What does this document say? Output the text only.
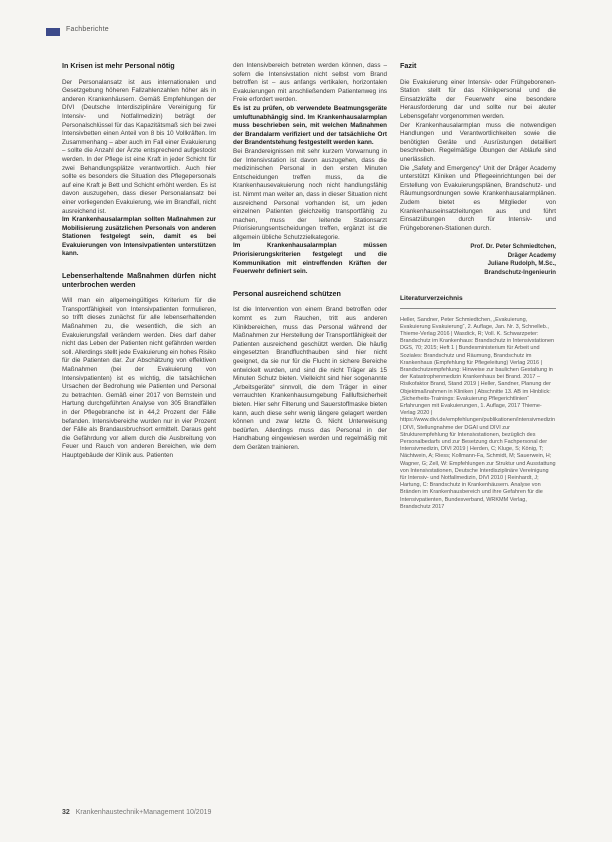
Fachberichte
In Krisen ist mehr Personal nötig
Der Personalansatz ist aus internationalen und Gesetzgebung höheren Fallzahlenzahlen höher als in anderen Krankenhäusern. Gemäß Empfehlungen der DIVI (Deutsche Interdisziplinäre Vereinigung für Intensiv- und Notfallmedizin) beträgt der Personalschlüssel für das Kapazitätsmaß sich bei zwei Intensivbetten einen Anteil von 8 bis 10 Vollkräften. Im Zusammenhang – aber auch im Fall einer Evakuierung – sollte die Anzahl der Ärzte entsprechend aufgestockt werden. In der Pflege ist eine Kraft in jeder Schicht für zwei Behandlungsplätze verantwortlich. Auch hier sollte es besonders die Situation des Pflegepersonals auf eine Kraft je Bett und Schicht erhöht werden. Es ist davon auszugehen, dass dieser Personalansatz bei einer vorliegenden Evakuierung, wie im Brandfall, nicht ausreichend ist.
Im Krankenhausalarmplan sollten Maßnahmen zur Mobilisierung zusätzlichen Personals von anderen Stationen festgelegt sein, damit es bei Evakuierungen von Intensivpatienten unterstützen kann.
Lebenserhaltende Maßnahmen dürfen nicht unterbrochen werden
Will man ein allgemeingültiges Kriterium für die Transportfähigkeit von Intensivpatienten formulieren, so trifft dieses zunächst für alle lebenserhaltenden Maßnahmen zu, die wesentlich, die sich an Evakuierungsfall verändern werden. Dies darf daher nicht das Leben der Patienten nicht gefährden werden soll. Allerdings stellt jede Evakuierung ein hohes Risiko für die Patienten dar. Zur Abschätzung von effektiven Maßnahmen (bei der Evakuierung von Intensivpatienten) ist es wichtig, die tatsächlichen Ursachen der Bedrohung wie Patienten und Personal zu betrachten. Gemäß einer 2017 von Bernstein und Hartung durchgeführten Analyse von 305 Brandfällen in der Pflegebranche ist in 44,2 Prozent der Fälle befanden. Intensivbereiche wurden nur in vier Prozent der Fälle als Brandausbruchsort ermittelt. Daraus geht die Gefährdung vor allem durch die Ausbreitung von Feuer und Rauch von anderen Bereichen, wie dem Hauptgebäude der Klinik aus. Patienten
den Intensivbereich betreten werden können, dass – sofern die Intensivstation nicht selbst vom Brand betroffen ist – aus anfangs vertikalen, horizontalen Evakuierungen mit anschließendem Patientenweg ins Freie erfordert werden.
Es ist zu prüfen, ob verwendete Beatmungsgeräte umluftunabhängig sind. Im Krankenhausalarmplan muss beschrieben sein, mit welchen Maßnahmen der Brandalarm verifiziert und der tatsächliche Ort der Brandentstehung festgestellt werden kann.
Bei Brandereignissen mit sehr kurzem Vorwarnung in der Intensivstation ist davon auszugehen, dass die medizinischen Personal in den ersten Minuten Entscheidungen treffen muss, da die Krankenhausevakuierung noch nicht handlungsfähig ist. Nimmt man weiter an, dass in dieser Situation nicht ausreichend Personal vorhanden ist, um jeden einzelnen Patienten gleichzeitig transportfähig zu machen, muss der leitende Stationsarzt Priorisierungsentscheidungen treffen, ergänzt ist die allgemein übliche Schutzzielkategorie.
Im Krankenhausalarmplan müssen Priorisierungskriterien festgelegt und die Kommunikation mit eintreffenden Kräften der Feuerwehr definiert sein.
Personal ausreichend schützen
Ist die Intervention von einem Brand betroffen oder kommt es zum Rauchen, tritt aus anderen Klinikbereichen, muss das Personal während der Maßnahmen zur Herstellung der Transportfähigkeit der Patienten ausreichend geschützt werden. Die häufig eingesetzten Brandfluchthauben sind hier nicht geeignet, da sie nur für die Flucht in sichere Bereiche entwickelt wurden, und sind die nicht Träger als 15 Minuten Schutz bieten. Vielleicht sind hier sogenannte „Arbeitsgeräte“ sinnvoll, die dem Träger in einer verrauchten Krankenhausumgebung Fallluftsicherheit bieten. Hier sehr Filterung und Sauerstoffmaske bieten kann, auch diese sehr wenig längere gelagert werden können und zwar letzte G. Nicht Unterweisung bedürfen. Allerdings muss das Personal in der Handhabung eingewiesen werden und regelmäßig mit dem Geräten trainieren.
Fazit
Die Evakuierung einer Intensiv- oder Frühgeborenen-Station stellt für das Klinikpersonal und die Einsatzkräfte der Feuerwehr eine besondere Herausforderung dar und sollte nur bei akuter Lebensgefahr vorgenommen werden.
Der Krankenhausalarmplan muss die notwendigen Handlungen und Verantwortlichkeiten sowie die benötigten Geräte und Ausrüstungen detailliert beschreiben. Regelmäßige Übungen der Abläufe sind unerlässlich.
Die „Safety and Emergency“ Unit der Dräger Academy unterstützt Kliniken und Pflegeeinrichtungen bei der Erstellung von Evakuierungsplänen, Brandschutz- und Räumungsordnungen sowie Krankenhausalarmplänen. Zudem bietet es Mitglieder von Krankenhauseinsatzleitungen aus und führt Einsatzübungen durch für Intensiv- und Frühgeborenen-Stationen durch.
Prof. Dr. Peter Schmiedtchen,
Dräger Academy
Juliane Rudolph, M.Sc.,
Brandschutz-Ingenieurin
Literaturverzeichnis
Heller, Sandner, Peter Schmiedtchen, „Evakuierung, Evakuierung Evakuierung“, 2. Auflage, Jan. Nr. 3, Schnelleb., Thieme-Verlag 2016 | Wasdick, R; Voll. K. Schwarzpeter: Brandschutz im Krankenhaus: Brandschutz in Intensivstationen DGS, 70; 2015; Heft 1 | Bundesministerium für Arbeit und Soziales: Brandschutz und Räumung, Brandschutz im Krankenhaus (Empfehlung für Pflegeleitung) Verlag 2016 | Brandschutzempfehlung: Hinweise zur baulichen Gestaltung in der Katastrophenmedizin Krankenhaus bei Brand. 2017 – Risikofaktor Brand, Stand 2019 | Heller, Sandner, Planung der Objektmaßnahmen in Kliniken | Abschnitte 13. AB im Hinblick: „Sicherheits-Trainings: Evakuierung Pflegerichtlinien“ Erfahrungen mit Evakuierungen, 1. Auflage, 2017 Thieme-Verlag 2020 | https://www.divi.de/empfehlungen/publikationen/intensivmedizin | DIVI, Stellungnahme der DGAI und DIVI zur Strukturempfehlung für Intensivstationen, bezüglich des Personalbedarfs und zur Besetzung durch Fachpersonal der Intensivmedizin, DIVI 2019 | Herden, C; Kluge, S; König, T; Nächtwein, A; Riess; Kollmann-Fa, Schmidt, M; Sauerwein, H; Wagner, G; Zell, W: Empfehlungen zur Struktur und Ausstattung von Intensivstationen, Deutsche Interdisziplinäre Vereinigung für Intensiv- und Notfallmedizin, DIVI 2010 | Reinhardt, J; Hartung, C: Brandschutz in Krankenhäusern. Analyse von Bränden im Krankenhausbereich und ihre Gefahren für die Intensivpatienten, Bundesverband, WRKMM Verlag, Brandschutz 2017
32 Krankenhaustechnik+Management 10/2019
